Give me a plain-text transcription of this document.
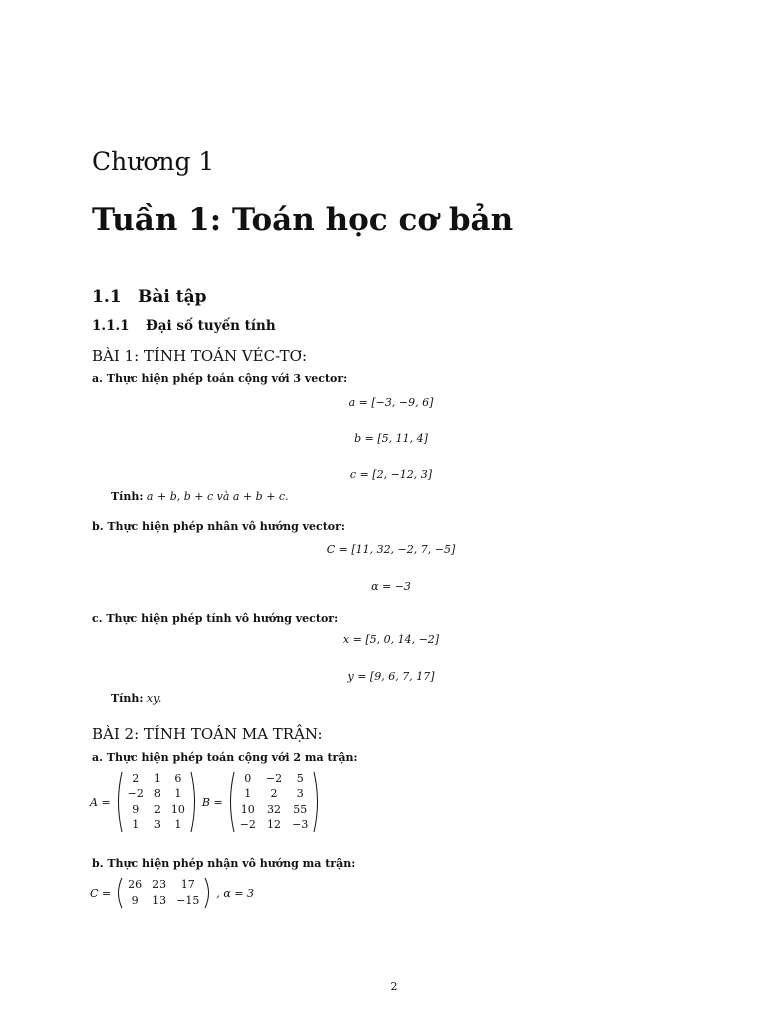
Chương 1
Tuần 1: Toán học cơ bản
1.1 Bài tập
1.1.1 Đại số tuyến tính
BÀI 1: TÍNH TOÁN VÉC-TƠ:
a. Thực hiện phép toán cộng với 3 vector:
a = [−3, −9, 6]
b = [5, 11, 4]
c = [2, −12, 3]
Tính: a + b, b + c và a + b + c.
b. Thực hiện phép nhân vô hướng vector:
C = [11, 32, −2, 7, −5]
α = −3
c. Thực hiện phép tính vô hướng vector:
x = [5, 0, 14, −2]
y = [9, 6, 7, 17]
Tính: xy.
BÀI 2: TÍNH TOÁN MA TRẬN:
a. Thực hiện phép toán cộng với 2 ma trận:
A =
2	1	6
−2	8	1
9	2	10
1	3	1
B =
0	−2	5
1	2	3
10	32	55
−2	12	−3
b. Thực hiện phép nhận vô hướng ma trận:
C =
26	23	17
9	13	−15
, α = 3
2
